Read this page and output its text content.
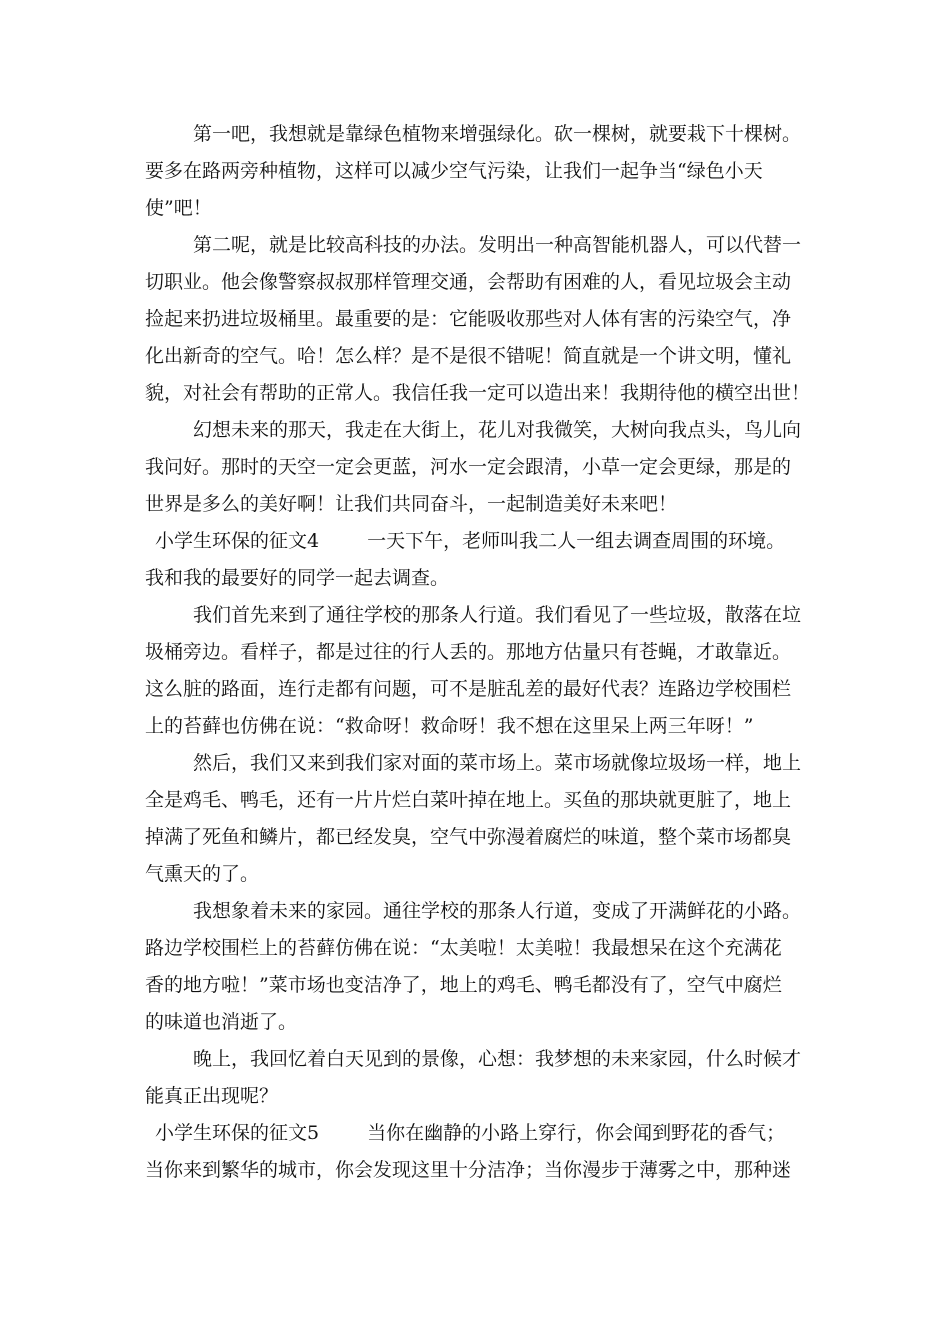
第一吧，我想就是靠绿色植物来增强绿化。砍一棵树，就要栽下十棵树。
要多在路两旁种植物，这样可以减少空气污染，让我们一起争当“绿色小天
使”吧！
第二呢，就是比较高科技的办法。发明出一种高智能机器人，可以代替一
切职业。他会像警察叔叔那样管理交通，会帮助有困难的人，看见垃圾会主动
捡起来扔进垃圾桶里。最重要的是：它能吸收那些对人体有害的污染空气，净
化出新奇的空气。哈！怎么样？是不是很不错呢！简直就是一个讲文明，懂礼
貌，对社会有帮助的正常人。我信任我一定可以造出来！我期待他的横空出世！
幻想未来的那天，我走在大街上，花儿对我微笑，大树向我点头，鸟儿向
我问好。那时的天空一定会更蓝，河水一定会跟清，小草一定会更绿，那是的
世界是多么的美好啊！让我们共同奋斗，一起制造美好未来吧！
小学生环保的征文4	一天下午，老师叫我二人一组去调查周围的环境。
我和我的最要好的同学一起去调查。
我们首先来到了通往学校的那条人行道。我们看见了一些垃圾，散落在垃
圾桶旁边。看样子，都是过往的行人丢的。那地方估量只有苍蝇，才敢靠近。
这么脏的路面，连行走都有问题，可不是脏乱差的最好代表？连路边学校围栏
上的苔藓也仿佛在说：“救命呀！救命呀！我不想在这里呆上两三年呀！”
然后，我们又来到我们家对面的菜市场上。菜市场就像垃圾场一样，地上
全是鸡毛、鸭毛，还有一片片烂白菜叶掉在地上。买鱼的那块就更脏了，地上
掉满了死鱼和鳞片，都已经发臭，空气中弥漫着腐烂的味道，整个菜市场都臭
气熏天的了。
我想象着未来的家园。通往学校的那条人行道，变成了开满鲜花的小路。
路边学校围栏上的苔藓仿佛在说：“太美啦！太美啦！我最想呆在这个充满花
香的地方啦！”菜市场也变洁净了，地上的鸡毛、鸭毛都没有了，空气中腐烂
的味道也消逝了。
晚上，我回忆着白天见到的景像，心想：我梦想的未来家园，什么时候才
能真正出现呢？
小学生环保的征文5	当你在幽静的小路上穿行，你会闻到野花的香气；
当你来到繁华的城市，你会发现这里十分洁净；当你漫步于薄雾之中，那种迷
